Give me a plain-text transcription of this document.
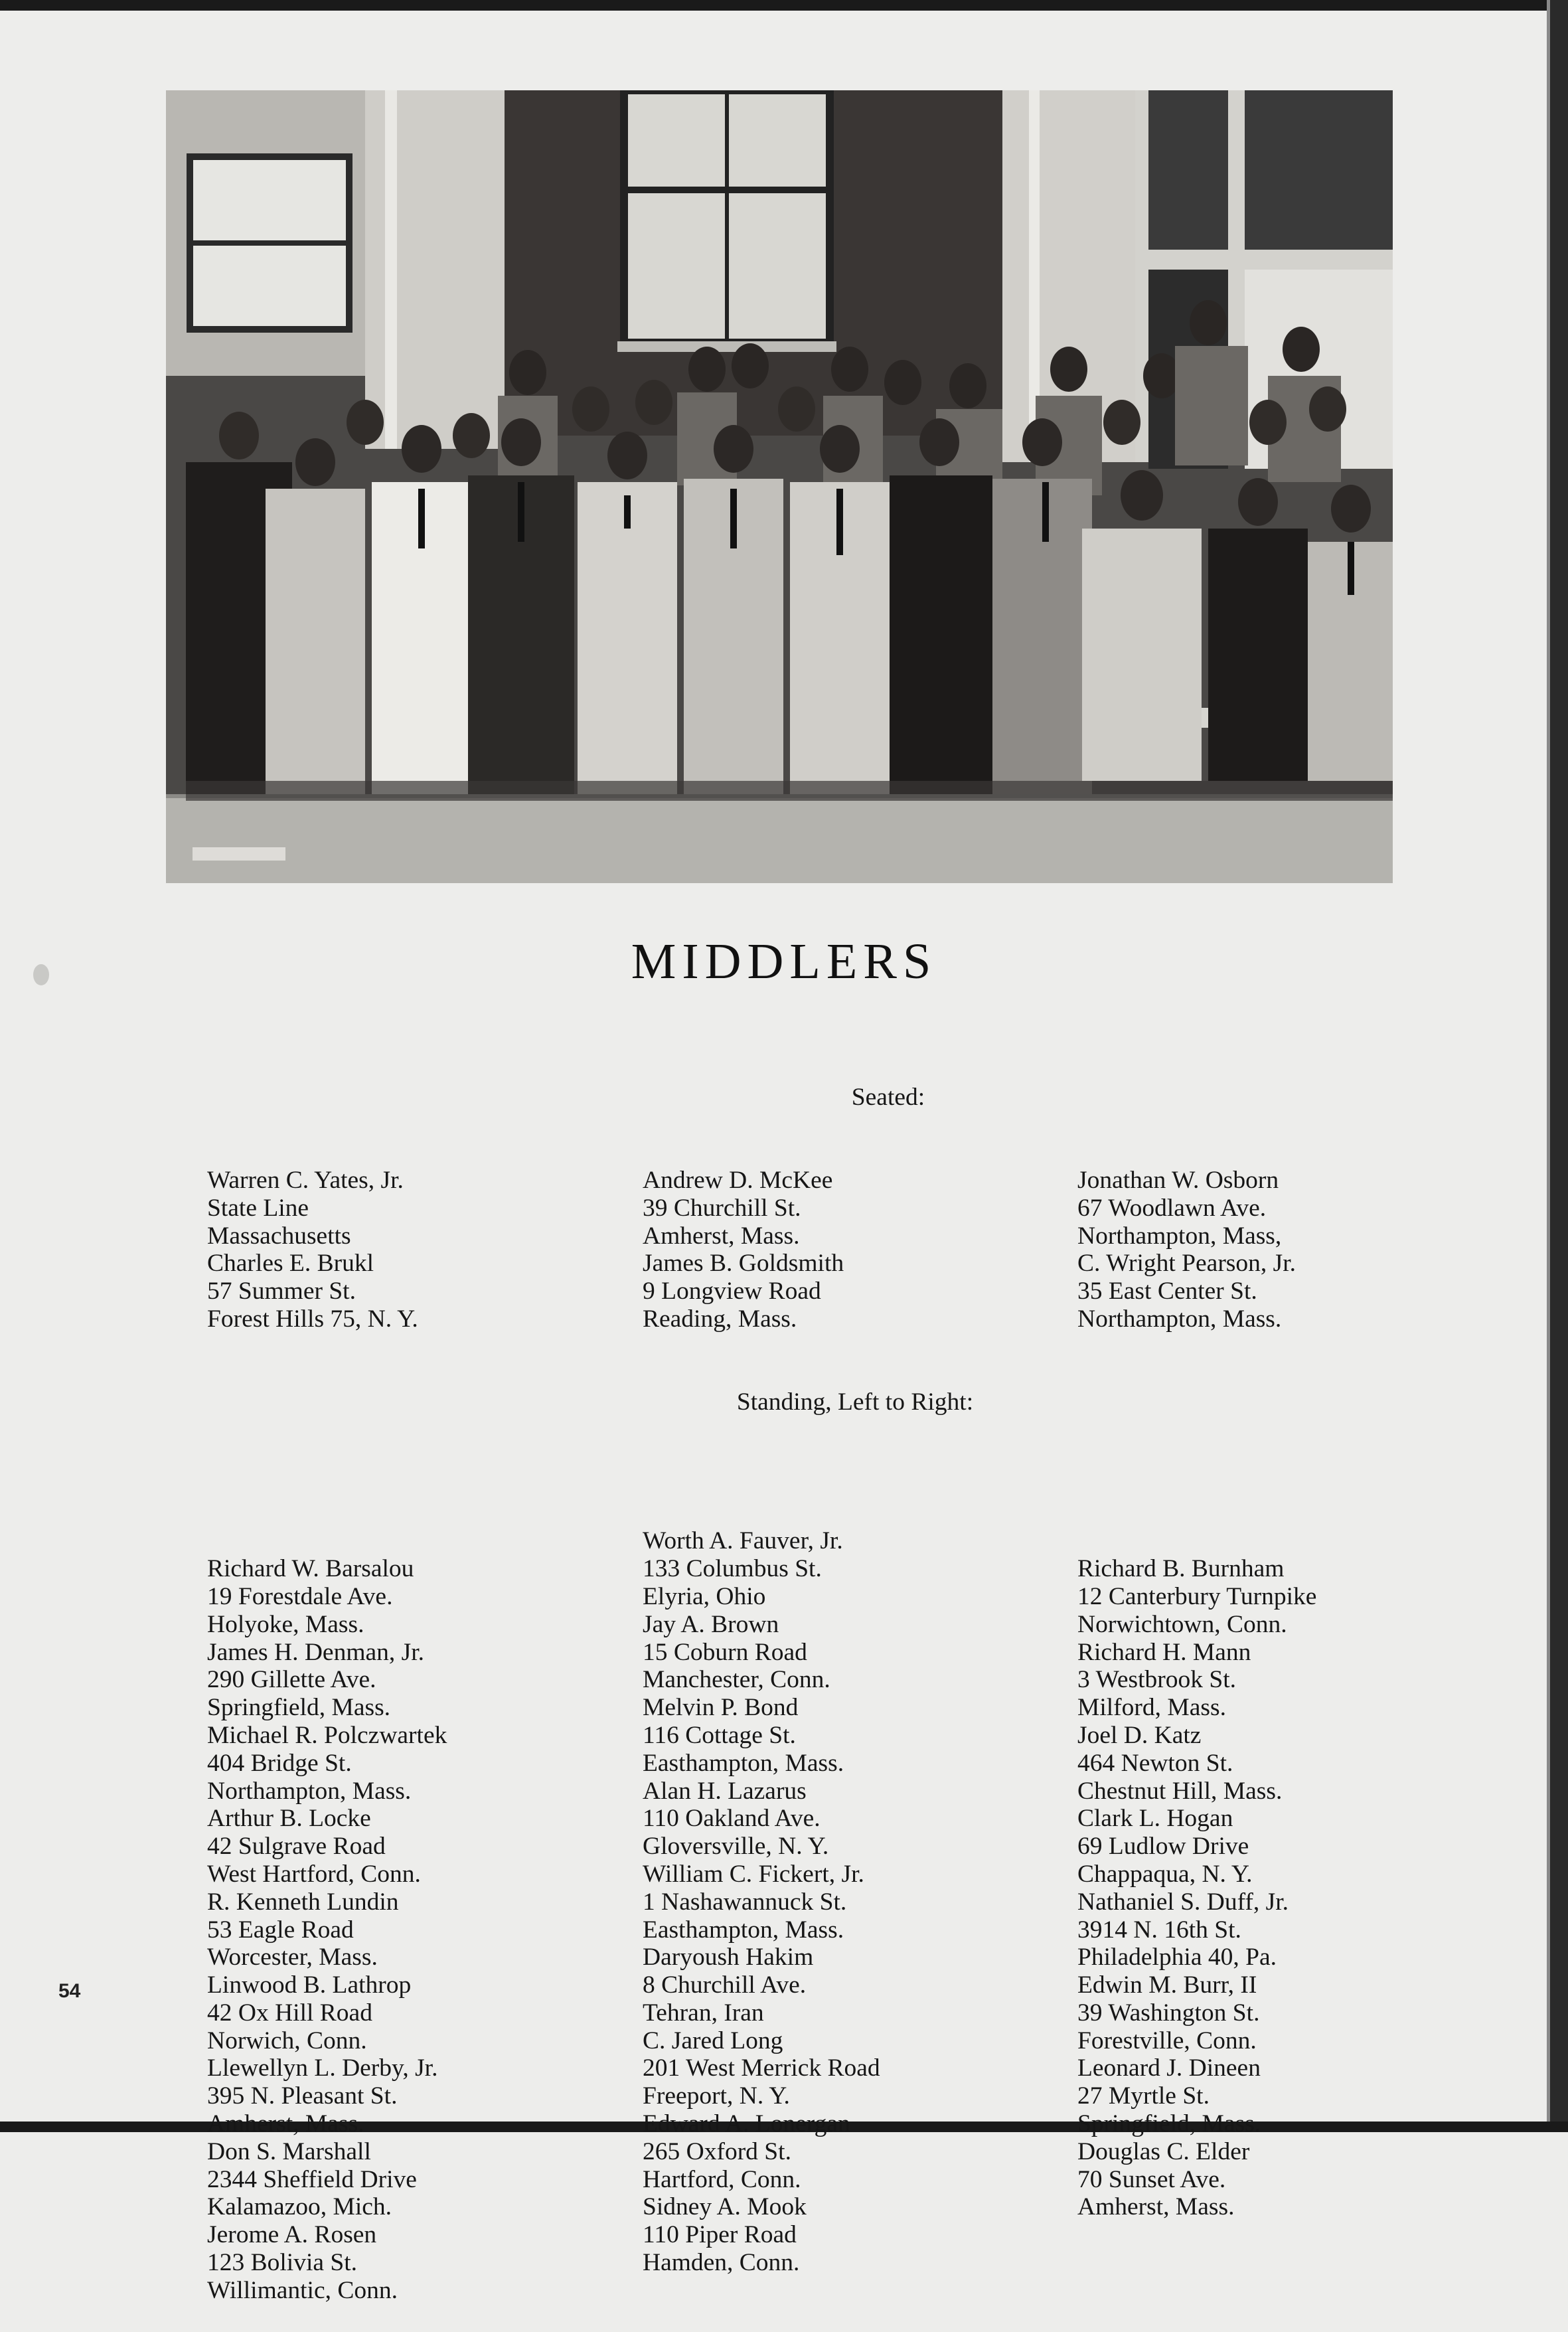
MIDDLERS

Warren C. Yates, Jr.
State Line
Massachusetts
Charles E. Brukl
57 Summer St.
Forest Hills 75, N. Y.

Richard W. Barsalou
19 Forestdale Ave.
Holyoke, Mass.
James H. Denman, Jr.
290 Gillette Ave.
Springfield, Mass.
Michael R. Polczwartek
404 Bridge St.
Northampton, Mass.
Arthur B. Locke
42 Sulgrave Road
West Hartford, Conn.
R. Kenneth Lundin
53 Eagle Road
Worcester, Mass.
Linwood B. Lathrop
42 Ox Hill Road
Norwich, Conn.
Llewellyn L. Derby, Jr.
395 N. Pleasant St.
Amherst, Mass.
Don S. Marshall
2344 Sheffield Drive
Kalamazoo, Mich.
Jerome A. Rosen
123 Bolivia St.
Willimantic, Conn.

Seated:

Andrew D. McKee
39 Churchill St.
Amherst, Mass.
James B. Goldsmith
9 Longview Road
Reading, Mass.

Standing, Left to Right:

Worth A. Fauver, Jr.
133 Columbus St.
Elyria, Ohio
Jay A. Brown
15 Coburn Road
Manchester, Conn.
Melvin P. Bond
116 Cottage St.
Easthampton, Mass.
Alan H. Lazarus
110 Oakland Ave.
Gloversville, N. Y.
William C. Fickert, Jr.
1 Nashawannuck St.
Easthampton, Mass.
Daryoush Hakim
8 Churchill Ave.
Tehran, Iran
C. Jared Long
201 West Merrick Road
Freeport, N. Y.
Edward A. Lonergan
265 Oxford St.
Hartford, Conn.
Sidney A. Mook
110 Piper Road
Hamden, Conn.

Jonathan W. Osborn
67 Woodlawn Ave.
Northampton, Mass,
C. Wright Pearson, Jr.
35 East Center St.
Northampton, Mass.

Richard B. Burnham
12 Canterbury Turnpike
Norwichtown, Conn.
Richard H. Mann
3 Westbrook St.
Milford, Mass.
Joel D. Katz
464 Newton St.
Chestnut Hill, Mass.
Clark L. Hogan
69 Ludlow Drive
Chappaqua, N. Y.
Nathaniel S. Duff, Jr.
3914 N. 16th St.
Philadelphia 40, Pa.
Edwin M. Burr, II
39 Washington St.
Forestville, Conn.
Leonard J. Dineen
27 Myrtle St.
Springfield, Mass.
Douglas C. Elder
70 Sunset Ave.
Amherst, Mass.

54
